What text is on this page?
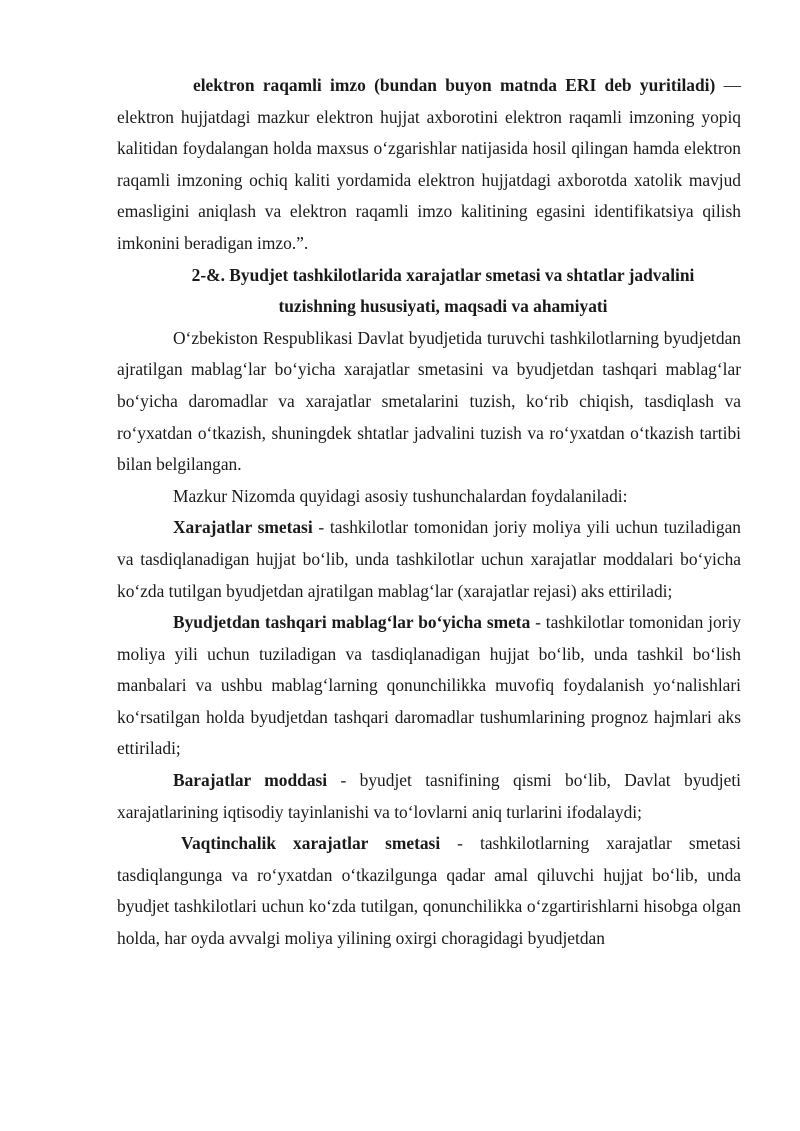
elektron raqamli imzo (bundan buyon matnda ERI deb yuritiladi) — elektron hujjatdagi mazkur elektron hujjat axborotini elektron raqamli imzoning yopiq kalitidan foydalangan holda maxsus oʻzgarishlar natijasida hosil qilingan hamda elektron raqamli imzoning ochiq kaliti yordamida elektron hujjatdagi axborotda xatolik mavjud emasligini aniqlash va elektron raqamli imzo kalitining egasini identifikatsiya qilish imkonini beradigan imzo.”.

2-&. Byudjet tashkilotlarida xarajatlar smetasi va shtatlar jadvalini
tuzishning hususiyati, maqsadi va ahamiyati

Oʻzbekiston Respublikasi Davlat byudjetida turuvchi tashkilotlarning byudjetdan ajratilgan mablagʻlar boʻyicha xarajatlar smetasini va byudjetdan tashqari mablagʻlar boʻyicha daromadlar va xarajatlar smetalarini tuzish, koʻrib chiqish, tasdiqlash va roʻyxatdan oʻtkazish, shuningdek shtatlar jadvalini tuzish va roʻyxatdan oʻtkazish tartibi bilan belgilangan.

Mazkur Nizomda quyidagi asosiy tushunchalardan foydalaniladi:

Xarajatlar smetasi - tashkilotlar tomonidan joriy moliya yili uchun tuziladigan va tasdiqlanadigan hujjat boʻlib, unda tashkilotlar uchun xarajatlar moddalari boʻyicha koʻzda tutilgan byudjetdan ajratilgan mablagʻlar (xarajatlar rejasi) aks ettiriladi;

Byudjetdan tashqari mablagʻlar boʻyicha smeta - tashkilotlar tomonidan joriy moliya yili uchun tuziladigan va tasdiqlanadigan hujjat boʻlib, unda tashkil boʻlish manbalari va ushbu mablagʻlarning qonunchilikka muvofiq foydalanish yoʻnalishlari koʻrsatilgan holda byudjetdan tashqari daromadlar tushumlarining prognoz hajmlari aks ettiriladi;

Barajatlar moddasi - byudjet tasnifining qismi boʻlib, Davlat byudjeti xarajatlarining iqtisodiy tayinlanishi va toʻlovlarni aniq turlarini ifodalaydi;

Vaqtinchalik xarajatlar smetasi - tashkilotlarning xarajatlar smetasi tasdiqlangunga va roʻyxatdan oʻtkazilgunga qadar amal qiluvchi hujjat boʻlib, unda byudjet tashkilotlari uchun koʻzda tutilgan, qonunchilikka oʻzgartirishlarni hisobga olgan holda, har oyda avvalgi moliya yilining oxirgi choragidagi byudjetdan
